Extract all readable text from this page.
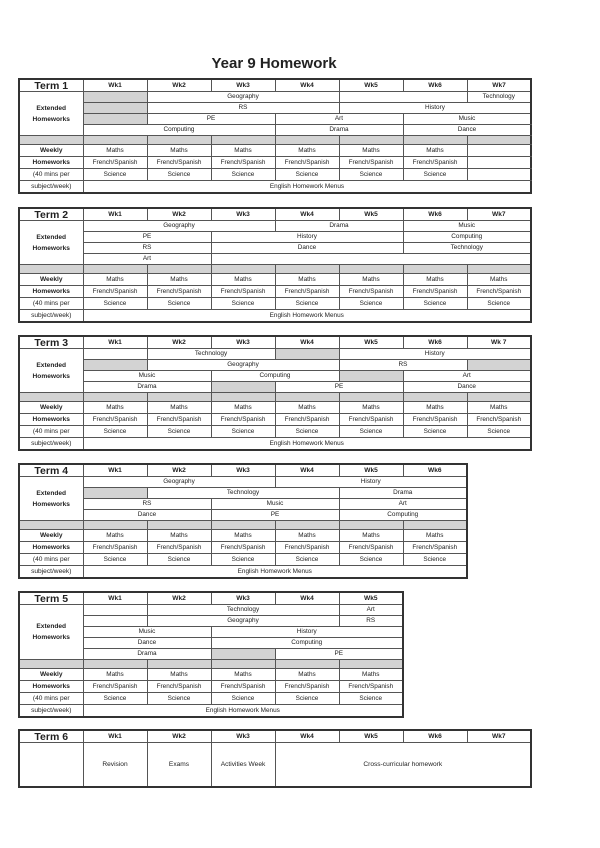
Year 9 Homework
Term 1	Wk1	Wk2	Wk3	Wk4	Wk5	Wk6	Wk7	
Extended Homeworks		Geography					Technology	
		RS			History			
		PE		Art		Music		
	Computing			Drama		Dance		

Weekly	Maths	Maths	Maths	Maths	Maths	Maths		
Homeworks	French/Spanish	French/Spanish	French/Spanish	French/Spanish	French/Spanish	French/Spanish		
(40 mins per	Science	Science	Science	Science	Science	Science		
subject/week)	English Homework Menus							
Term 2	Wk1	Wk2	Wk3	Wk4	Wk5	Wk6	Wk7
Extended Homeworks	Geography			Drama		Music	
	PE		History			Computing	
	RS		Dance			Technology	
	Art						

Weekly	Maths	Maths	Maths	Maths	Maths	Maths	Maths
Homeworks	French/Spanish	French/Spanish	French/Spanish	French/Spanish	French/Spanish	French/Spanish	French/Spanish
(40 mins per	Science	Science	Science	Science	Science	Science	Science
subject/week)	English Homework Menus						
Term 3	Wk1	Wk2	Wk3	Wk4	Wk5	Wk6	Wk 7
Extended Homeworks		Technology			History		
		Geography			RS		
	Music		Computing			Art	
	Drama			PE		Dance	

Weekly	Maths	Maths	Maths	Maths	Maths	Maths	Maths
Homeworks	French/Spanish	French/Spanish	French/Spanish	French/Spanish	French/Spanish	French/Spanish	French/Spanish
(40 mins per	Science	Science	Science	Science	Science	Science	Science
subject/week)	English Homework Menus						
Term 4	Wk1	Wk2	Wk3	Wk4	Wk5	Wk6
Extended Homeworks	Geography			History		
		Technology			Drama	
	RS		Music		Art	
	Dance		PE		Computing	

Weekly	Maths	Maths	Maths	Maths	Maths	Maths
Homeworks	French/Spanish	French/Spanish	French/Spanish	French/Spanish	French/Spanish	French/Spanish
(40 mins per	Science	Science	Science	Science	Science	Science
subject/week)	English Homework Menus					
Term 5	Wk1	Wk2	Wk3	Wk4	Wk5
Extended Homeworks		Technology			Art
		Geography			RS
	Music		History		
	Dance		Computing		
	Drama			PE	

Weekly	Maths	Maths	Maths	Maths	Maths
Homeworks	French/Spanish	French/Spanish	French/Spanish	French/Spanish	French/Spanish
(40 mins per	Science	Science	Science	Science	Science
subject/week)	English Homework Menus				
Term 6	Wk1	Wk2	Wk3	Wk4	Wk5	Wk6	Wk7
	Revision	Exams	Activities Week	Cross-curricular homework			
